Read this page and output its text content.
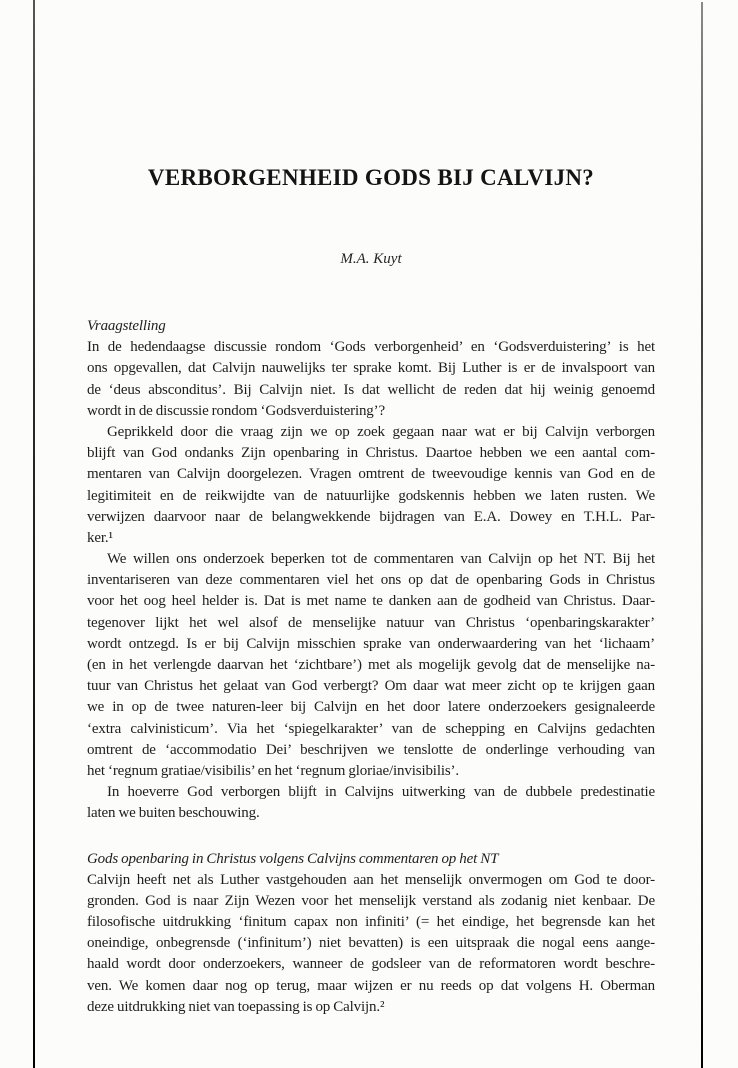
VERBORGENHEID GODS BIJ CALVIJN?
M.A. Kuyt
Vraagstelling
In de hedendaagse discussie rondom ‘Gods verborgenheid’ en ‘Godsverduistering’ is het
ons opgevallen, dat Calvijn nauwelijks ter sprake komt. Bij Luther is er de invalspoort van
de ‘deus absconditus’. Bij Calvijn niet. Is dat wellicht de reden dat hij weinig genoemd
wordt in de discussie rondom ‘Godsverduistering’?
Geprikkeld door die vraag zijn we op zoek gegaan naar wat er bij Calvijn verborgen
blijft van God ondanks Zijn openbaring in Christus. Daartoe hebben we een aantal com-
mentaren van Calvijn doorgelezen. Vragen omtrent de tweevoudige kennis van God en de
legitimiteit en de reikwijdte van de natuurlijke godskennis hebben we laten rusten. We
verwijzen daarvoor naar de belangwekkende bijdragen van E.A. Dowey en T.H.L. Par-
ker.¹
We willen ons onderzoek beperken tot de commentaren van Calvijn op het NT. Bij het
inventariseren van deze commentaren viel het ons op dat de openbaring Gods in Christus
voor het oog heel helder is. Dat is met name te danken aan de godheid van Christus. Daar-
tegenover lijkt het wel alsof de menselijke natuur van Christus ‘openbaringskarakter’
wordt ontzegd. Is er bij Calvijn misschien sprake van onderwaardering van het ‘lichaam’
(en in het verlengde daarvan het ‘zichtbare’) met als mogelijk gevolg dat de menselijke na-
tuur van Christus het gelaat van God verbergt? Om daar wat meer zicht op te krijgen gaan
we in op de twee naturen-leer bij Calvijn en het door latere onderzoekers gesignaleerde
‘extra calvinisticum’. Via het ‘spiegelkarakter’ van de schepping en Calvijns gedachten
omtrent de ‘accommodatio Dei’ beschrijven we tenslotte de onderlinge verhouding van
het ‘regnum gratiae/visibilis’ en het ‘regnum gloriae/invisibilis’.
In hoeverre God verborgen blijft in Calvijns uitwerking van de dubbele predestinatie
laten we buiten beschouwing.
Gods openbaring in Christus volgens Calvijns commentaren op het NT
Calvijn heeft net als Luther vastgehouden aan het menselijk onvermogen om God te door-
gronden. God is naar Zijn Wezen voor het menselijk verstand als zodanig niet kenbaar. De
filosofische uitdrukking ‘finitum capax non infiniti’ (= het eindige, het begrensde kan het
oneindige, onbegrensde (‘infinitum’) niet bevatten) is een uitspraak die nogal eens aange-
haald wordt door onderzoekers, wanneer de godsleer van de reformatoren wordt beschre-
ven. We komen daar nog op terug, maar wijzen er nu reeds op dat volgens H. Oberman
deze uitdrukking niet van toepassing is op Calvijn.²
